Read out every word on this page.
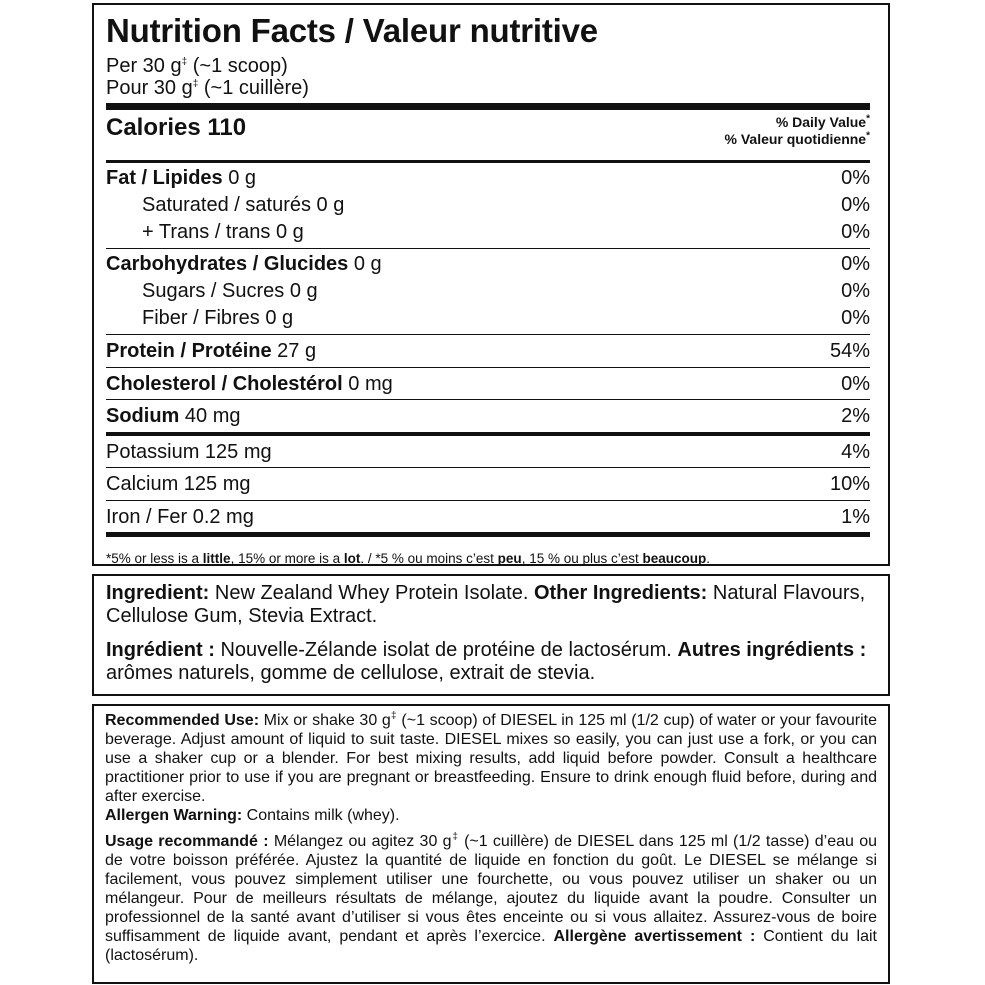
Nutrition Facts / Valeur nutritive
Per 30 g‡ (~1 scoop)
Pour 30 g‡ (~1 cuillère)
Calories 110	% Daily Value*
% Valeur quotidienne*
Fat / Lipides 0 g	0%
Saturated / saturés 0 g	0%
+ Trans / trans 0 g	0%
Carbohydrates / Glucides 0 g	0%
Sugars / Sucres 0 g	0%
Fiber / Fibres 0 g	0%
Protein / Protéine 27 g	54%
Cholesterol / Cholestérol 0 mg	0%
Sodium 40 mg	2%
Potassium 125 mg	4%
Calcium 125 mg	10%
Iron / Fer 0.2 mg	1%
*5% or less is a little, 15% or more is a lot. / *5 % ou moins c’est peu, 15 % ou plus c’est beaucoup.

Ingredient: New Zealand Whey Protein Isolate. Other Ingredients: Natural Flavours, Cellulose Gum, Stevia Extract.

Ingrédient : Nouvelle-Zélande isolat de protéine de lactosérum. Autres ingrédients : arômes naturels, gomme de cellulose, extrait de stevia.

Recommended Use: Mix or shake 30 g‡ (~1 scoop) of DIESEL in 125 ml (1/2 cup) of water or your favourite beverage. Adjust amount of liquid to suit taste. DIESEL mixes so easily, you can just use a fork, or you can use a shaker cup or a blender. For best mixing results, add liquid before powder. Consult a healthcare practitioner prior to use if you are pregnant or breastfeeding. Ensure to drink enough fluid before, during and after exercise.

Allergen Warning: Contains milk (whey).

Usage recommandé : Mélangez ou agitez 30 g‡ (~1 cuillère) de DIESEL dans 125 ml (1/2 tasse) d’eau ou de votre boisson préférée. Ajustez la quantité de liquide en fonction du goût. Le DIESEL se mélange si facilement, vous pouvez simplement utiliser une fourchette, ou vous pouvez utiliser un shaker ou un mélangeur. Pour de meilleurs résultats de mélange, ajoutez du liquide avant la poudre. Consulter un professionnel de la santé avant d’utiliser si vous êtes enceinte ou si vous allaitez. Assurez-vous de boire suffisamment de liquide avant, pendant et après l’exercice. Allergène avertissement : Contient du lait (lactosérum).
